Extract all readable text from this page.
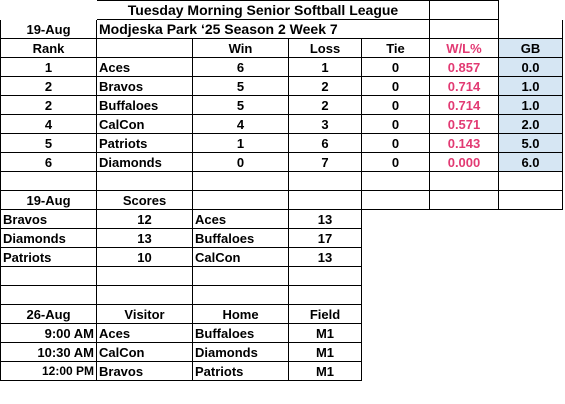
	Tuesday Morning Senior Softball League					
19-Aug	Modjeska Park ‘25 Season 2 Week 7					
Rank		Win	Loss	Tie	W/L%	GB
1	Aces	6	1	0	0.857	0.0
2	Bravos	5	2	0	0.714	1.0
2	Buffaloes	5	2	0	0.714	1.0
4	CalCon	4	3	0	0.571	2.0
5	Patriots	1	6	0	0.143	5.0
6	Diamonds	0	7	0	0.000	6.0

19-Aug	Scores					
Bravos	12	Aces	13			
Diamonds	13	Buffaloes	17			
Patriots	10	CalCon	13			

26-Aug	Visitor	Home	Field			
9:00 AM	Aces	Buffaloes	M1			
10:30 AM	CalCon	Diamonds	M1			
12:00 PM	Bravos	Patriots	M1			
